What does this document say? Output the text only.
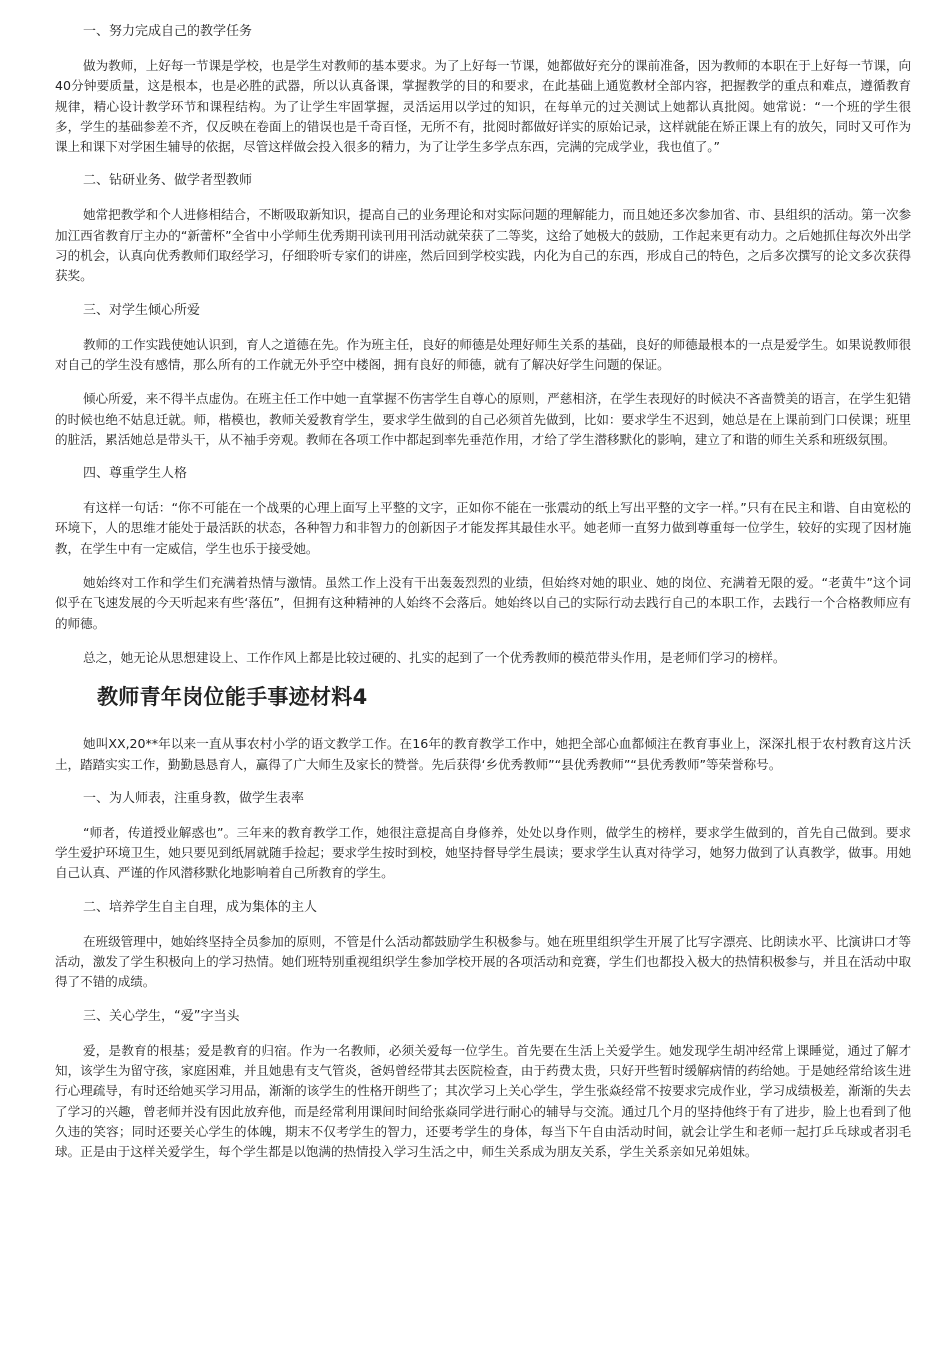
一、努力完成自己的教学任务

做为教师，上好每一节课是学校，也是学生对教师的基本要求。为了上好每一节课，她都做好充分的课前准备，因为教师的本职在于上好每一节课，向40分钟要质量，这是根本，也是必胜的武器，所以认真备课，掌握教学的目的和要求，在此基础上通览教材全部内容，把握教学的重点和难点，遵循教育规律，精心设计教学环节和课程结构。为了让学生牢固掌握，灵活运用以学过的知识，在每单元的过关测试上她都认真批阅。她常说：“一个班的学生很多，学生的基础参差不齐，仅反映在卷面上的错误也是千奇百怪，无所不有，批阅时都做好详实的原始记录，这样就能在矫正课上有的放矢，同时又可作为课上和课下对学困生辅导的依据，尽管这样做会投入很多的精力，为了让学生多学点东西，完满的完成学业，我也值了。”

二、钻研业务、做学者型教师

她常把教学和个人进修相结合，不断吸取新知识，提高自己的业务理论和对实际问题的理解能力，而且她还多次参加省、市、县组织的活动。第一次参加江西省教育厅主办的“新蕾杯”全省中小学师生优秀期刊读刊用刊活动就荣获了二等奖，这给了她极大的鼓励，工作起来更有动力。之后她抓住每次外出学习的机会，认真向优秀教师们取经学习，仔细聆听专家们的讲座，然后回到学校实践，内化为自己的东西，形成自己的特色，之后多次撰写的论文多次获得获奖。

三、对学生倾心所爱

教师的工作实践使她认识到，育人之道德在先。作为班主任，良好的师德是处理好师生关系的基础，良好的师德最根本的一点是爱学生。如果说教师很对自己的学生没有感情，那么所有的工作就无外乎空中楼阁，拥有良好的师德，就有了解决好学生问题的保证。

倾心所爱，来不得半点虚伪。在班主任工作中她一直掌握不伤害学生自尊心的原则，严慈相济，在学生表现好的时候决不吝啬赞美的语言，在学生犯错的时候也绝不姑息迁就。师，楷模也，教师关爱教育学生，要求学生做到的自己必须首先做到，比如：要求学生不迟到，她总是在上课前到门口侯课；班里的脏活，累活她总是带头干，从不袖手旁观。教师在各项工作中都起到率先垂范作用，才给了学生潜移默化的影响，建立了和谐的师生关系和班级氛围。

四、尊重学生人格

有这样一句话：“你不可能在一个战栗的心理上面写上平整的文字，正如你不能在一张震动的纸上写出平整的文字一样。”只有在民主和谐、自由宽松的环境下，人的思维才能处于最活跃的状态，各种智力和非智力的创新因子才能发挥其最佳水平。她老师一直努力做到尊重每一位学生，较好的实现了因材施教，在学生中有一定威信，学生也乐于接受她。

她始终对工作和学生们充满着热情与激情。虽然工作上没有干出轰轰烈烈的业绩，但始终对她的职业、她的岗位、充满着无限的爱。“老黄牛”这个词似乎在飞速发展的今天听起来有些‘落伍”，但拥有这种精神的人始终不会落后。她始终以自己的实际行动去践行自己的本职工作，去践行一个合格教师应有的师德。

总之，她无论从思想建设上、工作作风上都是比较过硬的、扎实的起到了一个优秀教师的模范带头作用，是老师们学习的榜样。

教师青年岗位能手事迹材料4

她叫XX,20**年以来一直从事农村小学的语文教学工作。在16年的教育教学工作中，她把全部心血都倾注在教育事业上，深深扎根于农村教育这片沃土，踏踏实实工作，勤勤恳恳育人，赢得了广大师生及家长的赞誉。先后获得‘乡优秀教师”“县优秀教师”“县优秀教师”等荣誉称号。

一、为人师表，注重身教，做学生表率

“师者，传道授业解惑也”。三年来的教育教学工作，她很注意提高自身修养，处处以身作则，做学生的榜样，要求学生做到的，首先自己做到。要求学生爱护环境卫生，她只要见到纸屑就随手捡起；要求学生按时到校，她坚持督导学生晨读；要求学生认真对待学习，她努力做到了认真教学，做事。用她自己认真、严谨的作风潜移默化地影响着自己所教育的学生。

二、培养学生自主自理，成为集体的主人

在班级管理中，她始终坚持全员参加的原则，不管是什么活动都鼓励学生积极参与。她在班里组织学生开展了比写字漂亮、比朗读水平、比演讲口才等活动，激发了学生积极向上的学习热情。她们班特别重视组织学生参加学校开展的各项活动和竞赛，学生们也都投入极大的热情积极参与，并且在活动中取得了不错的成绩。

三、关心学生，“爱”字当头

爱，是教育的根基；爱是教育的归宿。作为一名教师，必须关爱每一位学生。首先要在生活上关爱学生。她发现学生胡冲经常上课睡觉，通过了解才知，该学生为留守孩，家庭困难，并且她患有支气管炎，爸妈曾经带其去医院检查，由于药费太贵，只好开些暂时缓解病情的药给她。于是她经常给该生进行心理疏导，有时还给她买学习用品，渐渐的该学生的性格开朗些了；其次学习上关心学生，学生张焱经常不按要求完成作业，学习成绩极差，渐渐的失去了学习的兴趣，曾老师并没有因此放弃他，而是经常利用课间时间给张焱同学进行耐心的辅导与交流。通过几个月的坚持他终于有了进步，脸上也看到了他久违的笑容；同时还要关心学生的体魄，期末不仅考学生的智力，还要考学生的身体，每当下午自由活动时间，就会让学生和老师一起打乒乓球或者羽毛球。正是由于这样关爱学生，每个学生都是以饱满的热情投入学习生活之中，师生关系成为朋友关系，学生关系亲如兄弟姐妹。
